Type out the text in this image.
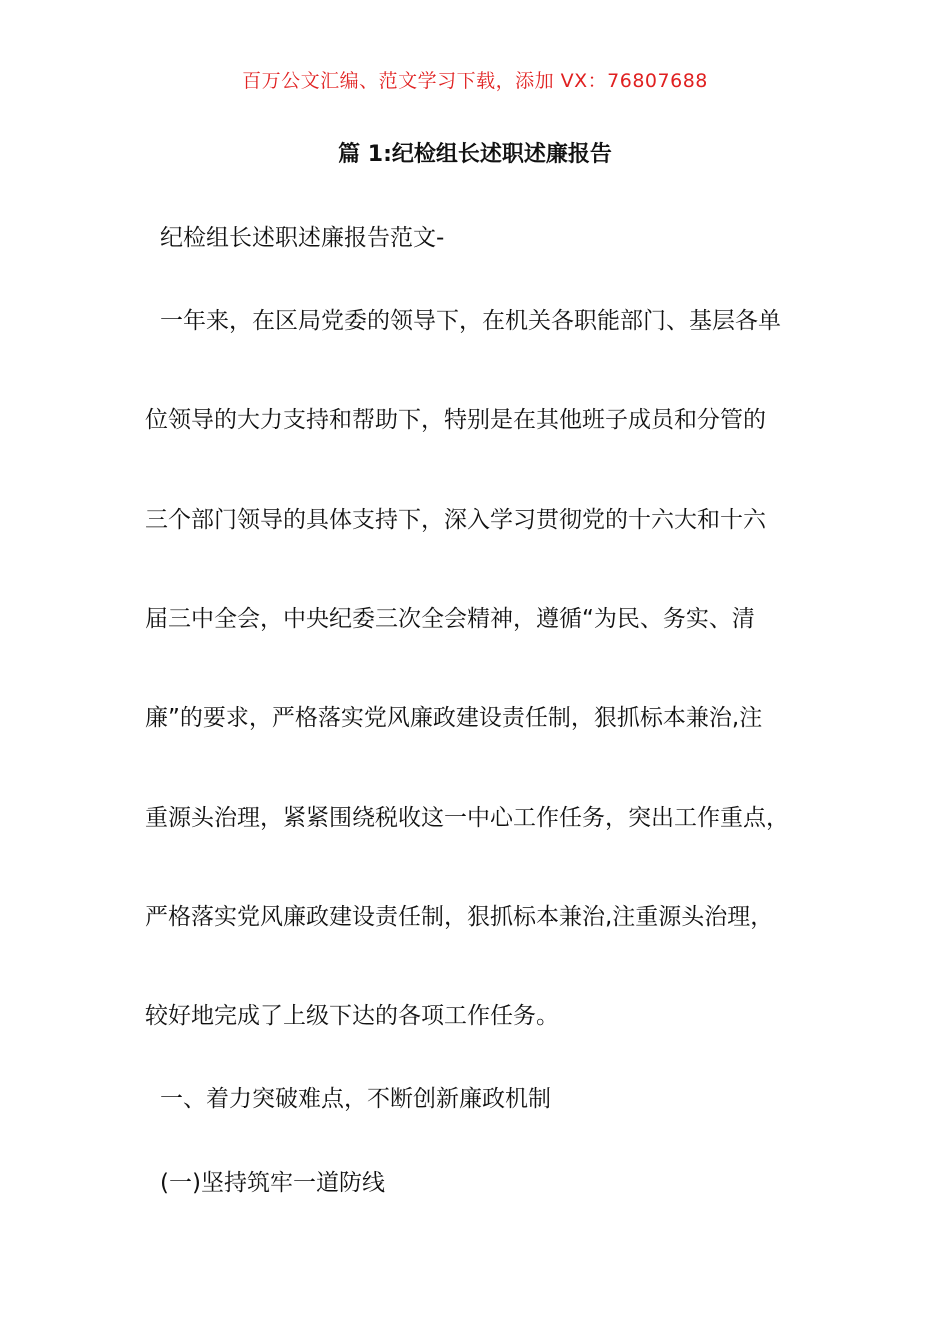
百万公文汇编、范文学习下载，添加 VX：76807688
篇 1:纪检组长述职述廉报告
纪检组长述职述廉报告范文-
一年来，在区局党委的领导下，在机关各职能部门、基层各单
位领导的大力支持和帮助下，特别是在其他班子成员和分管的
三个部门领导的具体支持下，深入学习贯彻党的十六大和十六
届三中全会，中央纪委三次全会精神，遵循“为民、务实、清
廉”的要求，严格落实党风廉政建设责任制，狠抓标本兼治,注
重源头治理，紧紧围绕税收这一中心工作任务，突出工作重点，
严格落实党风廉政建设责任制，狠抓标本兼治,注重源头治理，
较好地完成了上级下达的各项工作任务。
一、着力突破难点，不断创新廉政机制
(一)坚持筑牢一道防线
